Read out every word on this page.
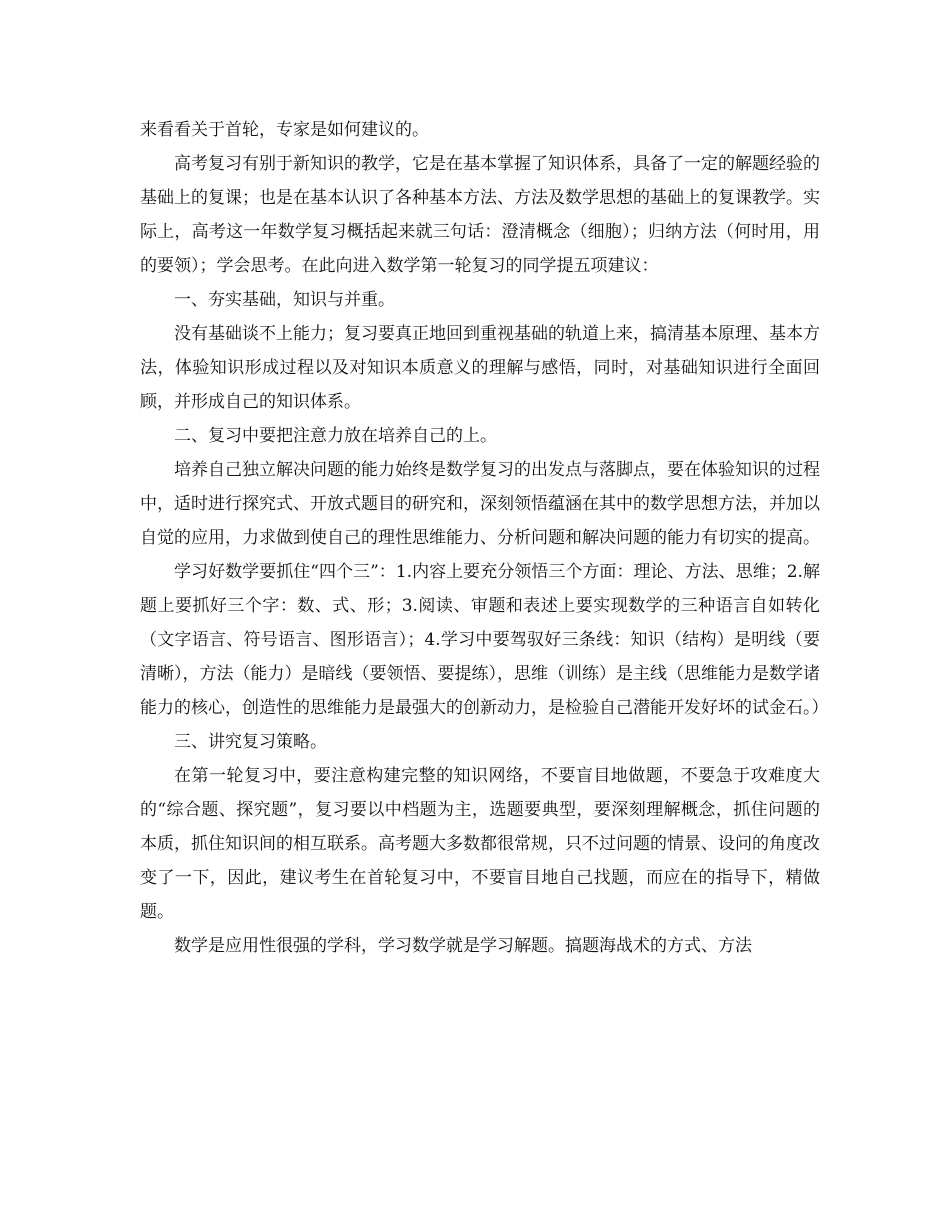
来看看关于首轮，专家是如何建议的。

高考复习有别于新知识的教学，它是在基本掌握了知识体系，具备了一定的解题经验的基础上的复课；也是在基本认识了各种基本方法、方法及数学思想的基础上的复课教学。实际上，高考这一年数学复习概括起来就三句话：澄清概念（细胞）；归纳方法（何时用，用的要领）；学会思考。在此向进入数学第一轮复习的同学提五项建议：

一、夯实基础，知识与并重。

没有基础谈不上能力；复习要真正地回到重视基础的轨道上来，搞清基本原理、基本方法，体验知识形成过程以及对知识本质意义的理解与感悟，同时，对基础知识进行全面回顾，并形成自己的知识体系。

二、复习中要把注意力放在培养自己的上。

培养自己独立解决问题的能力始终是数学复习的出发点与落脚点，要在体验知识的过程中，适时进行探究式、开放式题目的研究和，深刻领悟蕴涵在其中的数学思想方法，并加以自觉的应用，力求做到使自己的理性思维能力、分析问题和解决问题的能力有切实的提高。

学习好数学要抓住“四个三”：1.内容上要充分领悟三个方面：理论、方法、思维；2.解题上要抓好三个字：数、式、形；3.阅读、审题和表述上要实现数学的三种语言自如转化（文字语言、符号语言、图形语言）；4.学习中要驾驭好三条线：知识（结构）是明线（要清晰），方法（能力）是暗线（要领悟、要提练），思维（训练）是主线（思维能力是数学诸能力的核心，创造性的思维能力是最强大的创新动力，是检验自己潜能开发好坏的试金石。）

三、讲究复习策略。

在第一轮复习中，要注意构建完整的知识网络，不要盲目地做题，不要急于攻难度大的“综合题、探究题”，复习要以中档题为主，选题要典型，要深刻理解概念，抓住问题的本质，抓住知识间的相互联系。高考题大多数都很常规，只不过问题的情景、设问的角度改变了一下，因此，建议考生在首轮复习中，不要盲目地自己找题，而应在的指导下，精做题。

数学是应用性很强的学科，学习数学就是学习解题。搞题海战术的方式、方法
